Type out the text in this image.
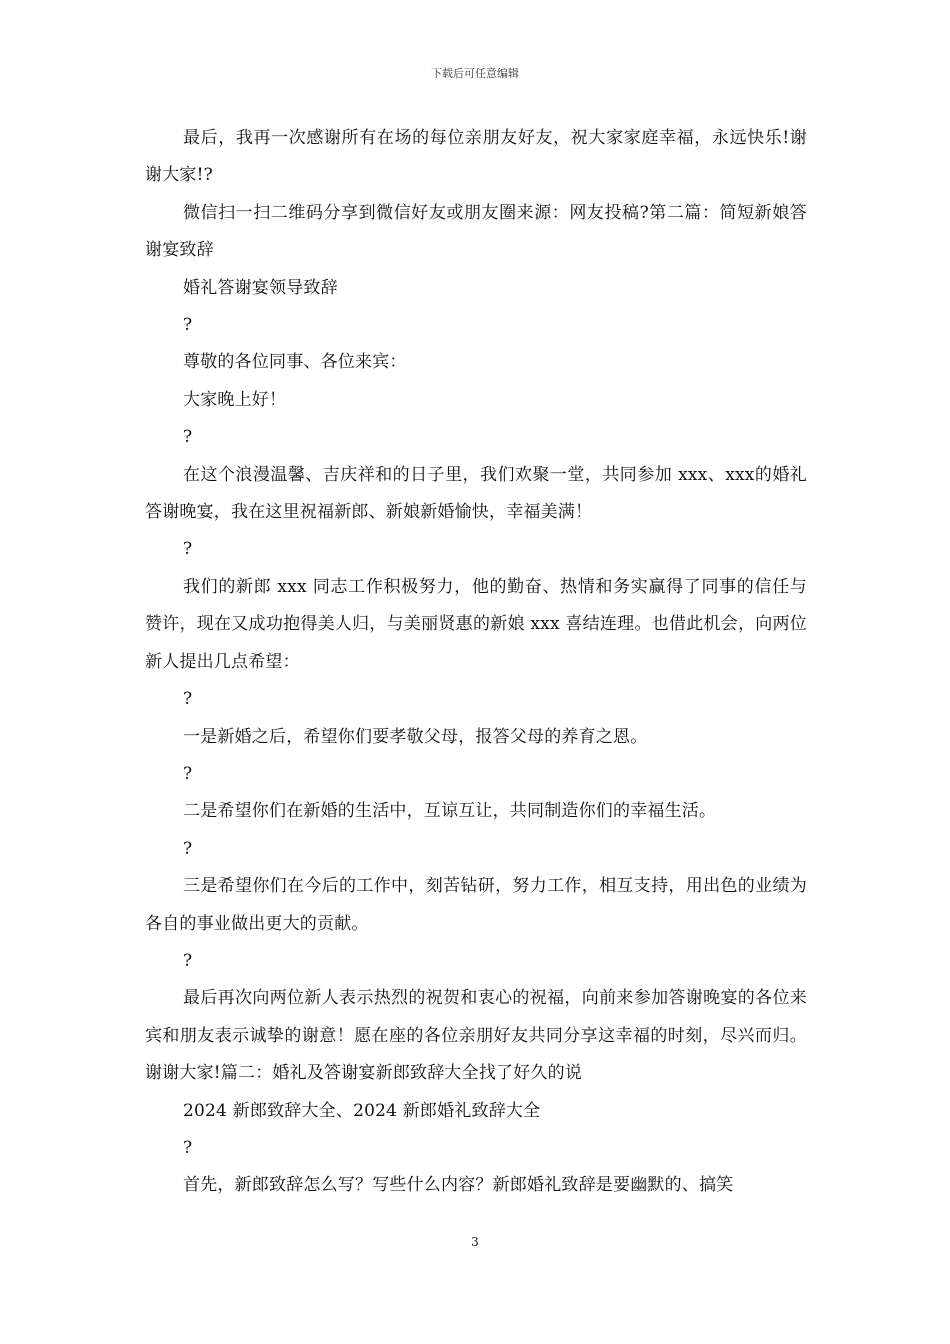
下载后可任意编辑

最后，我再一次感谢所有在场的每位亲朋友好友，祝大家家庭幸福，永远快乐!谢谢大家!?

微信扫一扫二维码分享到微信好友或朋友圈来源：网友投稿?第二篇：简短新娘答谢宴致辞

婚礼答谢宴领导致辞

?

尊敬的各位同事、各位来宾：

大家晚上好！

?

在这个浪漫温馨、吉庆祥和的日子里，我们欢聚一堂，共同参加 xxx、xxx的婚礼答谢晚宴，我在这里祝福新郎、新娘新婚愉快，幸福美满！

?

我们的新郎 xxx 同志工作积极努力，他的勤奋、热情和务实赢得了同事的信任与赞许，现在又成功抱得美人归，与美丽贤惠的新娘 xxx 喜结连理。也借此机会，向两位新人提出几点希望：

?

一是新婚之后，希望你们要孝敬父母，报答父母的养育之恩。

?

二是希望你们在新婚的生活中，互谅互让，共同制造你们的幸福生活。

?

三是希望你们在今后的工作中，刻苦钻研，努力工作，相互支持，用出色的业绩为各自的事业做出更大的贡献。

?

最后再次向两位新人表示热烈的祝贺和衷心的祝福，向前来参加答谢晚宴的各位来宾和朋友表示诚挚的谢意！愿在座的各位亲朋好友共同分享这幸福的时刻，尽兴而归。谢谢大家!篇二：婚礼及答谢宴新郎致辞大全找了好久的说

2024 新郎致辞大全、2024 新郎婚礼致辞大全

?

首先，新郎致辞怎么写？写些什么内容？新郎婚礼致辞是要幽默的、搞笑

3
